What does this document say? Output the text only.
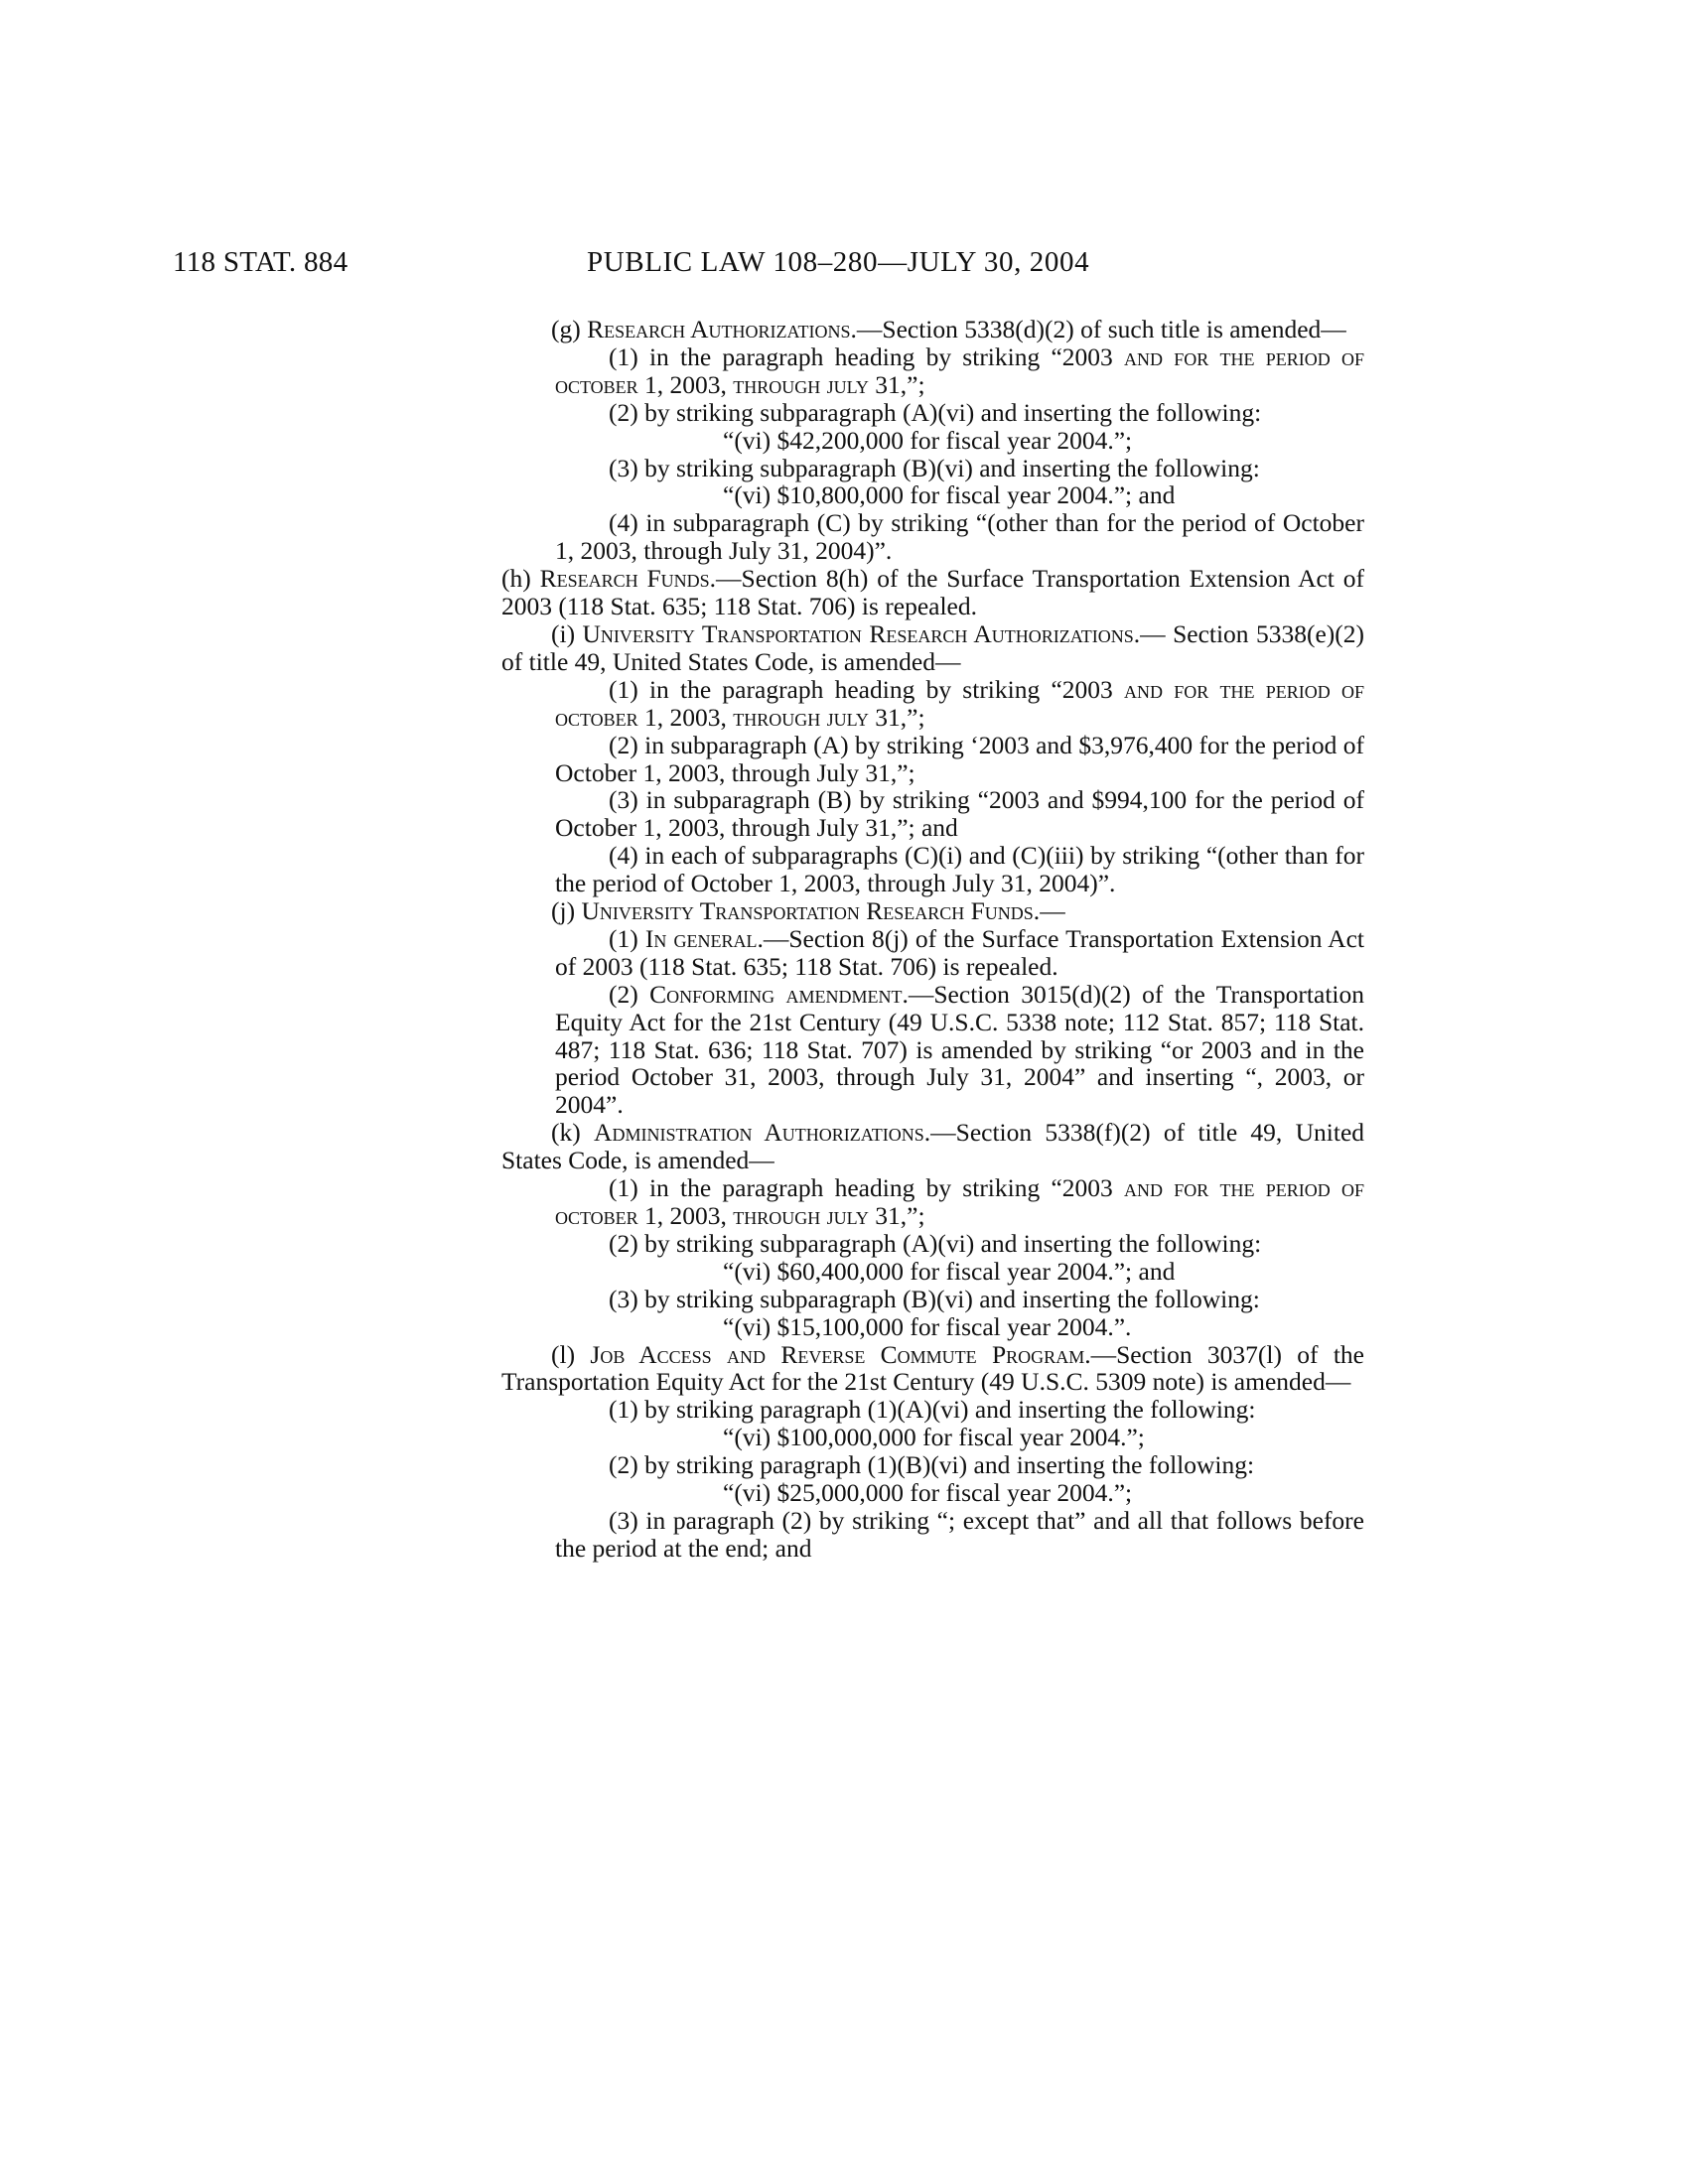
118 STAT. 884	PUBLIC LAW 108–280—JULY 30, 2004

(g) Research Authorizations.—Section 5338(d)(2) of such title is amended—

(1) in the paragraph heading by striking “2003 and for the period of october 1, 2003, through july 31,”;

(2) by striking subparagraph (A)(vi) and inserting the following:

“(vi) $42,200,000 for fiscal year 2004.”;

(3) by striking subparagraph (B)(vi) and inserting the following:

“(vi) $10,800,000 for fiscal year 2004.”; and

(4) in subparagraph (C) by striking “(other than for the period of October 1, 2003, through July 31, 2004)”.

(h) Research Funds.—Section 8(h) of the Surface Transportation Extension Act of 2003 (118 Stat. 635; 118 Stat. 706) is repealed.

(i) University Transportation Research Authorizations.— Section 5338(e)(2) of title 49, United States Code, is amended—

(1) in the paragraph heading by striking “2003 and for the period of october 1, 2003, through july 31,”;

(2) in subparagraph (A) by striking ‘2003 and $3,976,400 for the period of October 1, 2003, through July 31,”;

(3) in subparagraph (B) by striking “2003 and $994,100 for the period of October 1, 2003, through July 31,”; and

(4) in each of subparagraphs (C)(i) and (C)(iii) by striking “(other than for the period of October 1, 2003, through July 31, 2004)”.

(j) University Transportation Research Funds.—

(1) In general.—Section 8(j) of the Surface Transportation Extension Act of 2003 (118 Stat. 635; 118 Stat. 706) is repealed.

(2) Conforming amendment.—Section 3015(d)(2) of the Transportation Equity Act for the 21st Century (49 U.S.C. 5338 note; 112 Stat. 857; 118 Stat. 487; 118 Stat. 636; 118 Stat. 707) is amended by striking “or 2003 and in the period October 31, 2003, through July 31, 2004” and inserting “, 2003, or 2004”.

(k) Administration Authorizations.—Section 5338(f)(2) of title 49, United States Code, is amended—

(1) in the paragraph heading by striking “2003 and for the period of october 1, 2003, through july 31,”;

(2) by striking subparagraph (A)(vi) and inserting the following:

“(vi) $60,400,000 for fiscal year 2004.”; and

(3) by striking subparagraph (B)(vi) and inserting the following:

“(vi) $15,100,000 for fiscal year 2004.”.

(l) Job Access and Reverse Commute Program.—Section 3037(l) of the Transportation Equity Act for the 21st Century (49 U.S.C. 5309 note) is amended—

(1) by striking paragraph (1)(A)(vi) and inserting the following:

“(vi) $100,000,000 for fiscal year 2004.”;

(2) by striking paragraph (1)(B)(vi) and inserting the following:

“(vi) $25,000,000 for fiscal year 2004.”;

(3) in paragraph (2) by striking “; except that” and all that follows before the period at the end; and
